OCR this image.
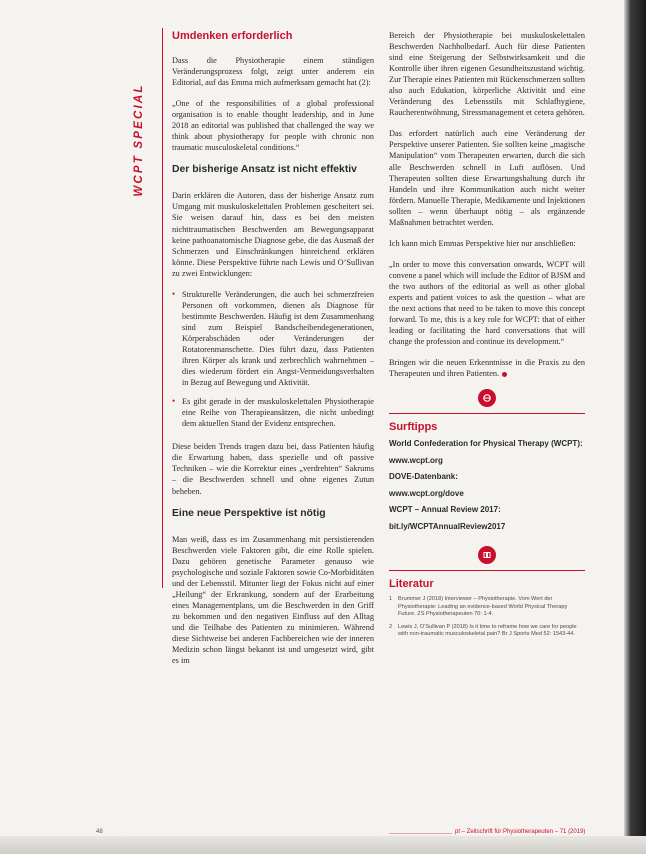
WCPT SPECIAL
Umdenken erforderlich

Dass die Physiotherapie einem ständigen Veränderungsprozess folgt, zeigt unter anderem ein Editorial, auf das Emma mich aufmerksam gemacht hat (2):

„One of the responsibilities of a global professional organisation is to enable thought leadership, and in June 2018 an editorial was published that challenged the way we think about physiotherapy for people with chronic non traumatic musculoskeletal conditions.“

Der bisherige Ansatz ist nicht effektiv

Darin erklären die Autoren, dass der bisherige Ansatz zum Umgang mit muskuloskelettalen Problemen gescheitert sei. Sie weisen darauf hin, dass es bei den meisten nichttraumatischen Beschwerden am Bewegungsapparat keine pathoanatomische Diagnose gebe, die das Ausmaß der Schmerzen und Einschränkungen hinreichend erklären könne. Diese Perspektive führte nach Lewis und O’Sullivan zu zwei Entwicklungen:

• Strukturelle Veränderungen, die auch bei schmerzfreien Personen oft vorkommen, dienen als Diagnose für bestimmte Beschwerden. Häufig ist dem Zusammenhang sind zum Beispiel Bandscheibendegenerationen, Körperabschäden oder Veränderungen der Rotatorenmanschette. Dies führt dazu, dass Patienten ihren Körper als krank und zerbrechlich wahrnehmen – dies wiederum fördert ein Angst-Vermeidungsverhalten in Bezug auf Bewegung und Aktivität.
• Es gibt gerade in der muskuloskelettalen Physiotherapie eine Reihe von Therapieansätzen, die nicht unbedingt dem aktuellen Stand der Evidenz entsprechen.

Diese beiden Trends tragen dazu bei, dass Patienten häufig die Erwartung haben, dass spezielle und oft passive Techniken – wie die Korrektur eines „verdrehten“ Sakrums – die Beschwerden schnell und ohne eigenes Zutun beheben.

Eine neue Perspektive ist nötig

Man weiß, dass es im Zusammenhang mit persistierenden Beschwerden viele Faktoren gibt, die eine Rolle spielen. Dazu gehören genetische Parameter genauso wie psychologische und soziale Faktoren sowie Co-Morbiditäten und der Lebensstil. Mitunter liegt der Fokus nicht auf einer „Heilung“ der Erkrankung, sondern auf der Erarbeitung eines Managementplans, um die Beschwerden in den Griff zu bekommen und den negativen Einfluss auf den Alltag und die Teilhabe des Patienten zu minimieren. Während diese Sichtweise bei anderen Fachbereichen wie der inneren Medizin schon längst bekannt ist und umgesetzt wird, gibt es im

Bereich der Physiotherapie bei muskuloskelettalen Beschwerden Nachholbedarf. Auch für diese Patienten sind eine Steigerung der Selbstwirksamkeit und die Kontrolle über ihren eigenen Gesundheitszustand wichtig. Zur Therapie eines Patienten mit Rückenschmerzen sollten also auch Edukation, körperliche Aktivität und eine Veränderung des Lebensstils mit Schlafhygiene, Raucherentwöhnung, Stressmanagement et cetera gehören.

Das erfordert natürlich auch eine Veränderung der Perspektive unserer Patienten. Sie sollten keine „magische Manipulation“ vom Therapeuten erwarten, durch die sich alle Beschwerden schnell in Luft auflösen. Und Therapeuten sollten diese Erwartungshaltung durch ihr Handeln und ihre Kommunikation auch nicht weiter fördern. Manuelle Therapie, Medikamente und Injektionen sollten – wenn überhaupt nötig – als ergänzende Maßnahmen betrachtet werden.

Ich kann mich Emmas Perspektive hier nur anschließen:

„In order to move this conversation onwards, WCPT will convene a panel which will include the Editor of BJSM and the two authors of the editorial as well as other global experts and patient voices to ask the question – what are the next actions that need to be taken to move this concept forward. To me, this is a key role for WCPT: that of either leading or facilitating the hard conversations that will change the profession and continue its development.“

Bringen wir die neuen Erkenntnisse in die Praxis zu den Therapeuten und ihren Patienten.

Surftipps
World Confederation for Physical Therapy (WCPT):
www.wcpt.org
DOVE-Datenbank:
www.wcpt.org/dove
WCPT – Annual Review 2017:
bit.ly/WCPTAnnualReview2017
Literatur
1 Brummer J (2018) Interviewer – Physiotherapie. Vom Wert der Physiotherapie: Leading an evidence-based World Physical Therapy Future. ZS Physiotherapeuten 70: 1-4.
2 Lewis J, O’Sullivan P (2018) Is it time to reframe how we care for people with non-traumatic musculoskeletal pain? Br J Sports Med 52: 1543-44.
48	pt – Zeitschrift für Physiotherapeuten – 71 (2019)
